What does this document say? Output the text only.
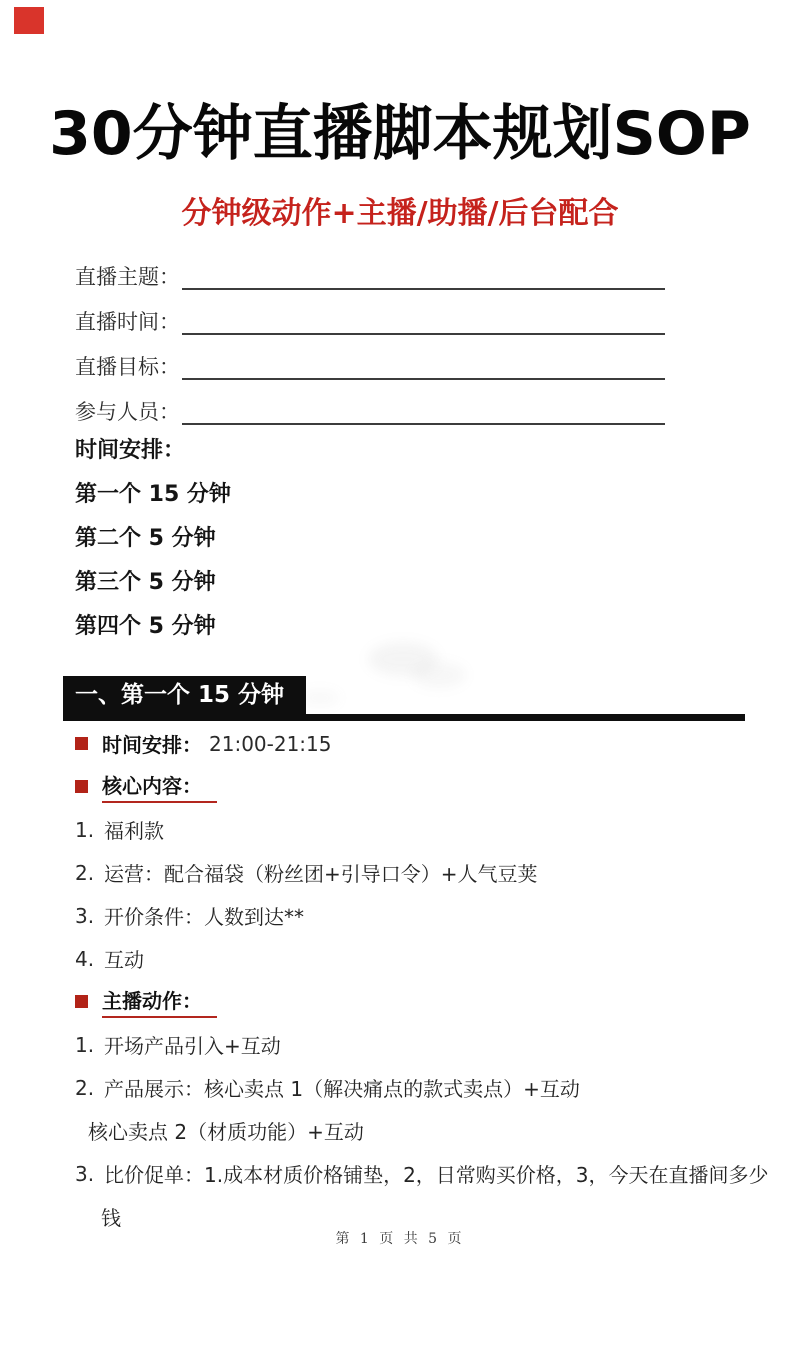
30分钟直播脚本规划SOP
分钟级动作+主播/助播/后台配合
直播主题：
直播时间：
直播目标：
参与人员：
时间安排：
第一个 15 分钟
第二个 5 分钟
第三个 5 分钟
第四个 5 分钟
一、第一个 15 分钟
时间安排： 21:00-21:15
核心内容：
1. 福利款
2. 运营：配合福袋（粉丝团+引导口令）+人气豆荚
3. 开价条件：人数到达**
4. 互动
主播动作：
1. 开场产品引入+互动
2. 产品展示：核心卖点 1（解决痛点的款式卖点）+互动
核心卖点 2（材质功能）+互动
3. 比价促单：1.成本材质价格铺垫，2，日常购买价格，3，今天在直播间多少
钱
第 1 页 共 5 页
